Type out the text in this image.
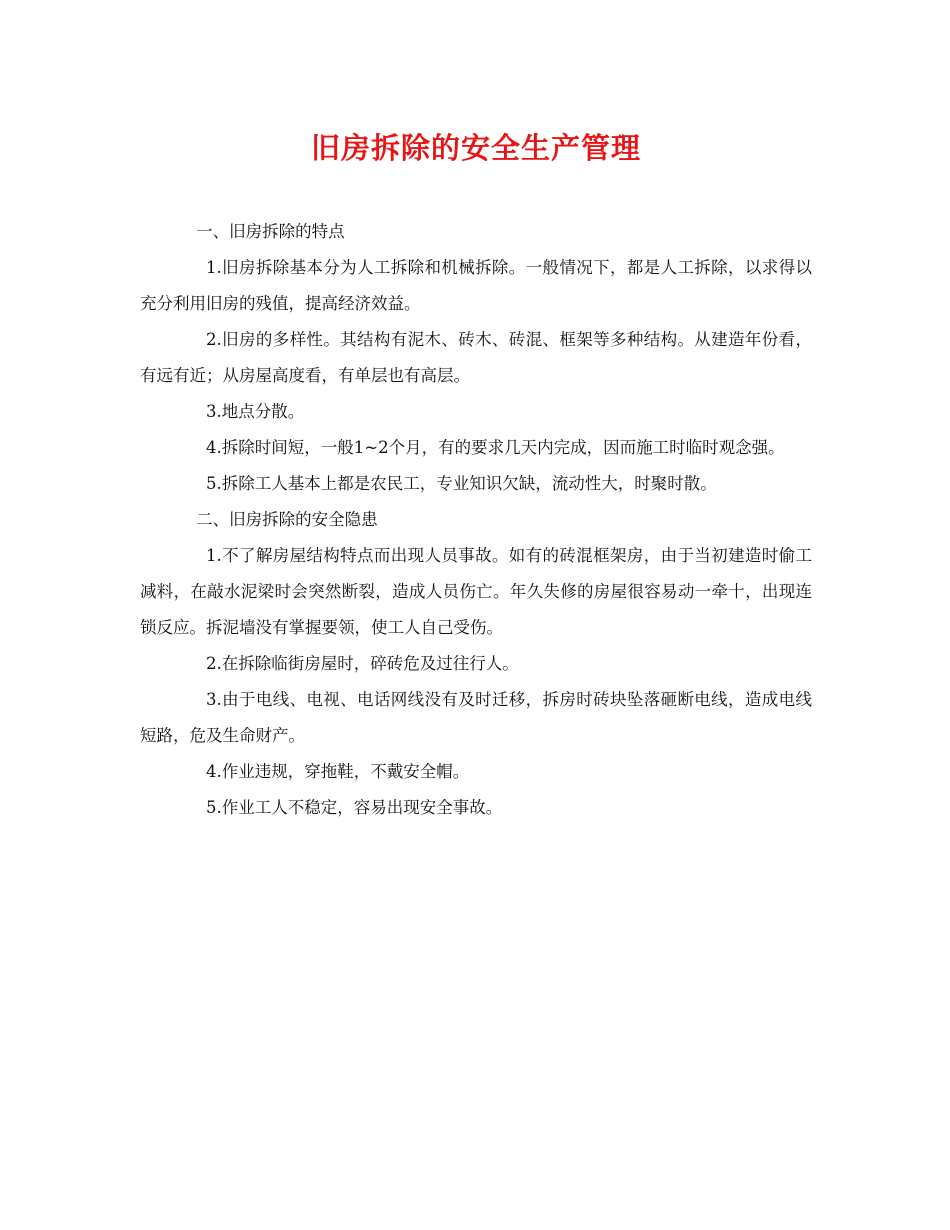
旧房拆除的安全生产管理

一、旧房拆除的特点

1.旧房拆除基本分为人工拆除和机械拆除。一般情况下，都是人工拆除，以求得以充分利用旧房的残值，提高经济效益。

2.旧房的多样性。其结构有泥木、砖木、砖混、框架等多种结构。从建造年份看，有远有近；从房屋高度看，有单层也有高层。

3.地点分散。

4.拆除时间短，一般1~2个月，有的要求几天内完成，因而施工时临时观念强。

5.拆除工人基本上都是农民工，专业知识欠缺，流动性大，时聚时散。

二、旧房拆除的安全隐患

1.不了解房屋结构特点而出现人员事故。如有的砖混框架房，由于当初建造时偷工减料，在敲水泥梁时会突然断裂，造成人员伤亡。年久失修的房屋很容易动一牵十，出现连锁反应。拆泥墙没有掌握要领，使工人自己受伤。

2.在拆除临街房屋时，碎砖危及过往行人。

3.由于电线、电视、电话网线没有及时迁移，拆房时砖块坠落砸断电线，造成电线短路，危及生命财产。

4.作业违规，穿拖鞋，不戴安全帽。

5.作业工人不稳定，容易出现安全事故。
